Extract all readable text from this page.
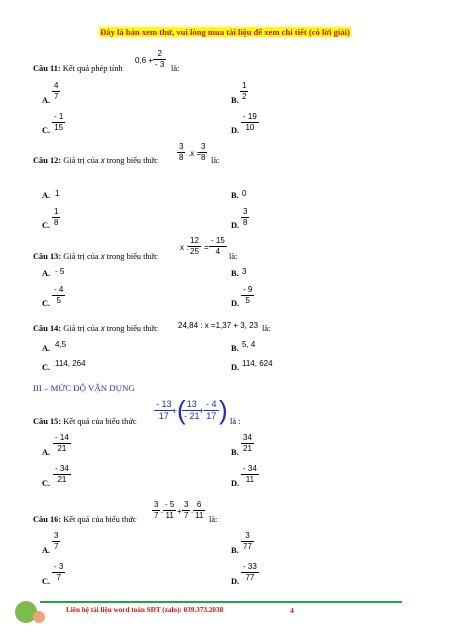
Đây là bản xem thử, vui lòng mua tài liệu để xem chi tiết (có lời giải)
Câu 11: Kết quả phép tính
0,6 +
2
- 3 là:
A.
4
7	B.
1
2
C.
- 1
15	D.
- 19
10
Câu 12: Giá trị của x trong biểu thức
3
8 .x =
3
8 là:
A. 1	B. 0
C.
1
8	D.
3
8
Câu 13: Giá trị của x trong biểu thức
x :
12
25 =
- 15
4
là:
A. - 5	B. 3
C.
- 4
5	D.
- 9
5
Câu 14: Giá trị của x trong biểu thức	24,84 : x =1,37 + 3, 23 là:
A. 4,5	B. 5, 4
C. 114, 264	D. 114, 624
III – MỨC ĐỘ VẬN DỤNG
Câu 15: Kết quả của biểu thức
- 13
17 + ( 13
- 21 +
- 4
17 ) là :
A.
- 14
21	B.
34
21
C.
- 34
21	D.
- 34
11
Câu 16: Kết quả của biểu thức
3
7
.
- 5
11 +
3
7
.
6
11 là:
A.
3
7	B.
3
77
C.
- 3
7	D.
- 33
77
Liên hệ tài liệu word toán SĐT (zalo): 039.373.2038	4
